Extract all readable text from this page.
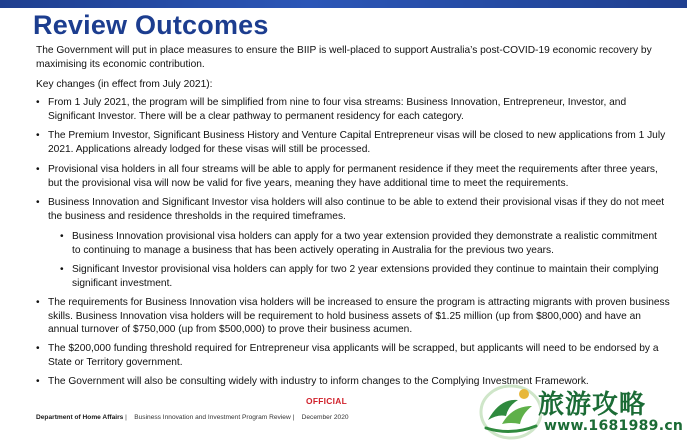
Review Outcomes

The Government will put in place measures to ensure the BIIP is well-placed to support Australia’s post-COVID-19 economic recovery by maximising its economic contribution.

Key changes (in effect from July 2021):

• From 1 July 2021, the program will be simplified from nine to four visa streams: Business Innovation, Entrepreneur, Investor, and Significant Investor. There will be a clear pathway to permanent residency for each category.
• The Premium Investor, Significant Business History and Venture Capital Entrepreneur visas will be closed to new applications from 1 July 2021. Applications already lodged for these visas will still be processed.
• Provisional visa holders in all four streams will be able to apply for permanent residence if they meet the requirements after three years, but the provisional visa will now be valid for five years, meaning they have additional time to meet the requirements.
• Business Innovation and Significant Investor visa holders will also continue to be able to extend their provisional visas if they do not meet the business and residence thresholds in the required timeframes.
• Business Innovation provisional visa holders can apply for a two year extension provided they demonstrate a realistic commitment to continuing to manage a business that has been actively operating in Australia for the previous two years.
• Significant Investor provisional visa holders can apply for two 2 year extensions provided they continue to maintain their complying significant investment.
• The requirements for Business Innovation visa holders will be increased to ensure the program is attracting migrants with proven business skills. Business Innovation visa holders will be requirement to hold business assets of $1.25 million (up from $800,000) and have an annual turnover of $750,000 (up from $500,000) to prove their business acumen.
• The $200,000 funding threshold required for Entrepreneur visa applicants will be scrapped, but applicants will need to be endorsed by a State or Territory government.
• The Government will also be consulting widely with industry to inform changes to the Complying Investment Framework.
OFFICIAL
Department of Home Affairs | Business Innovation and Investment Program Review | December 2020	旅游攻略
www.1681989.cn
